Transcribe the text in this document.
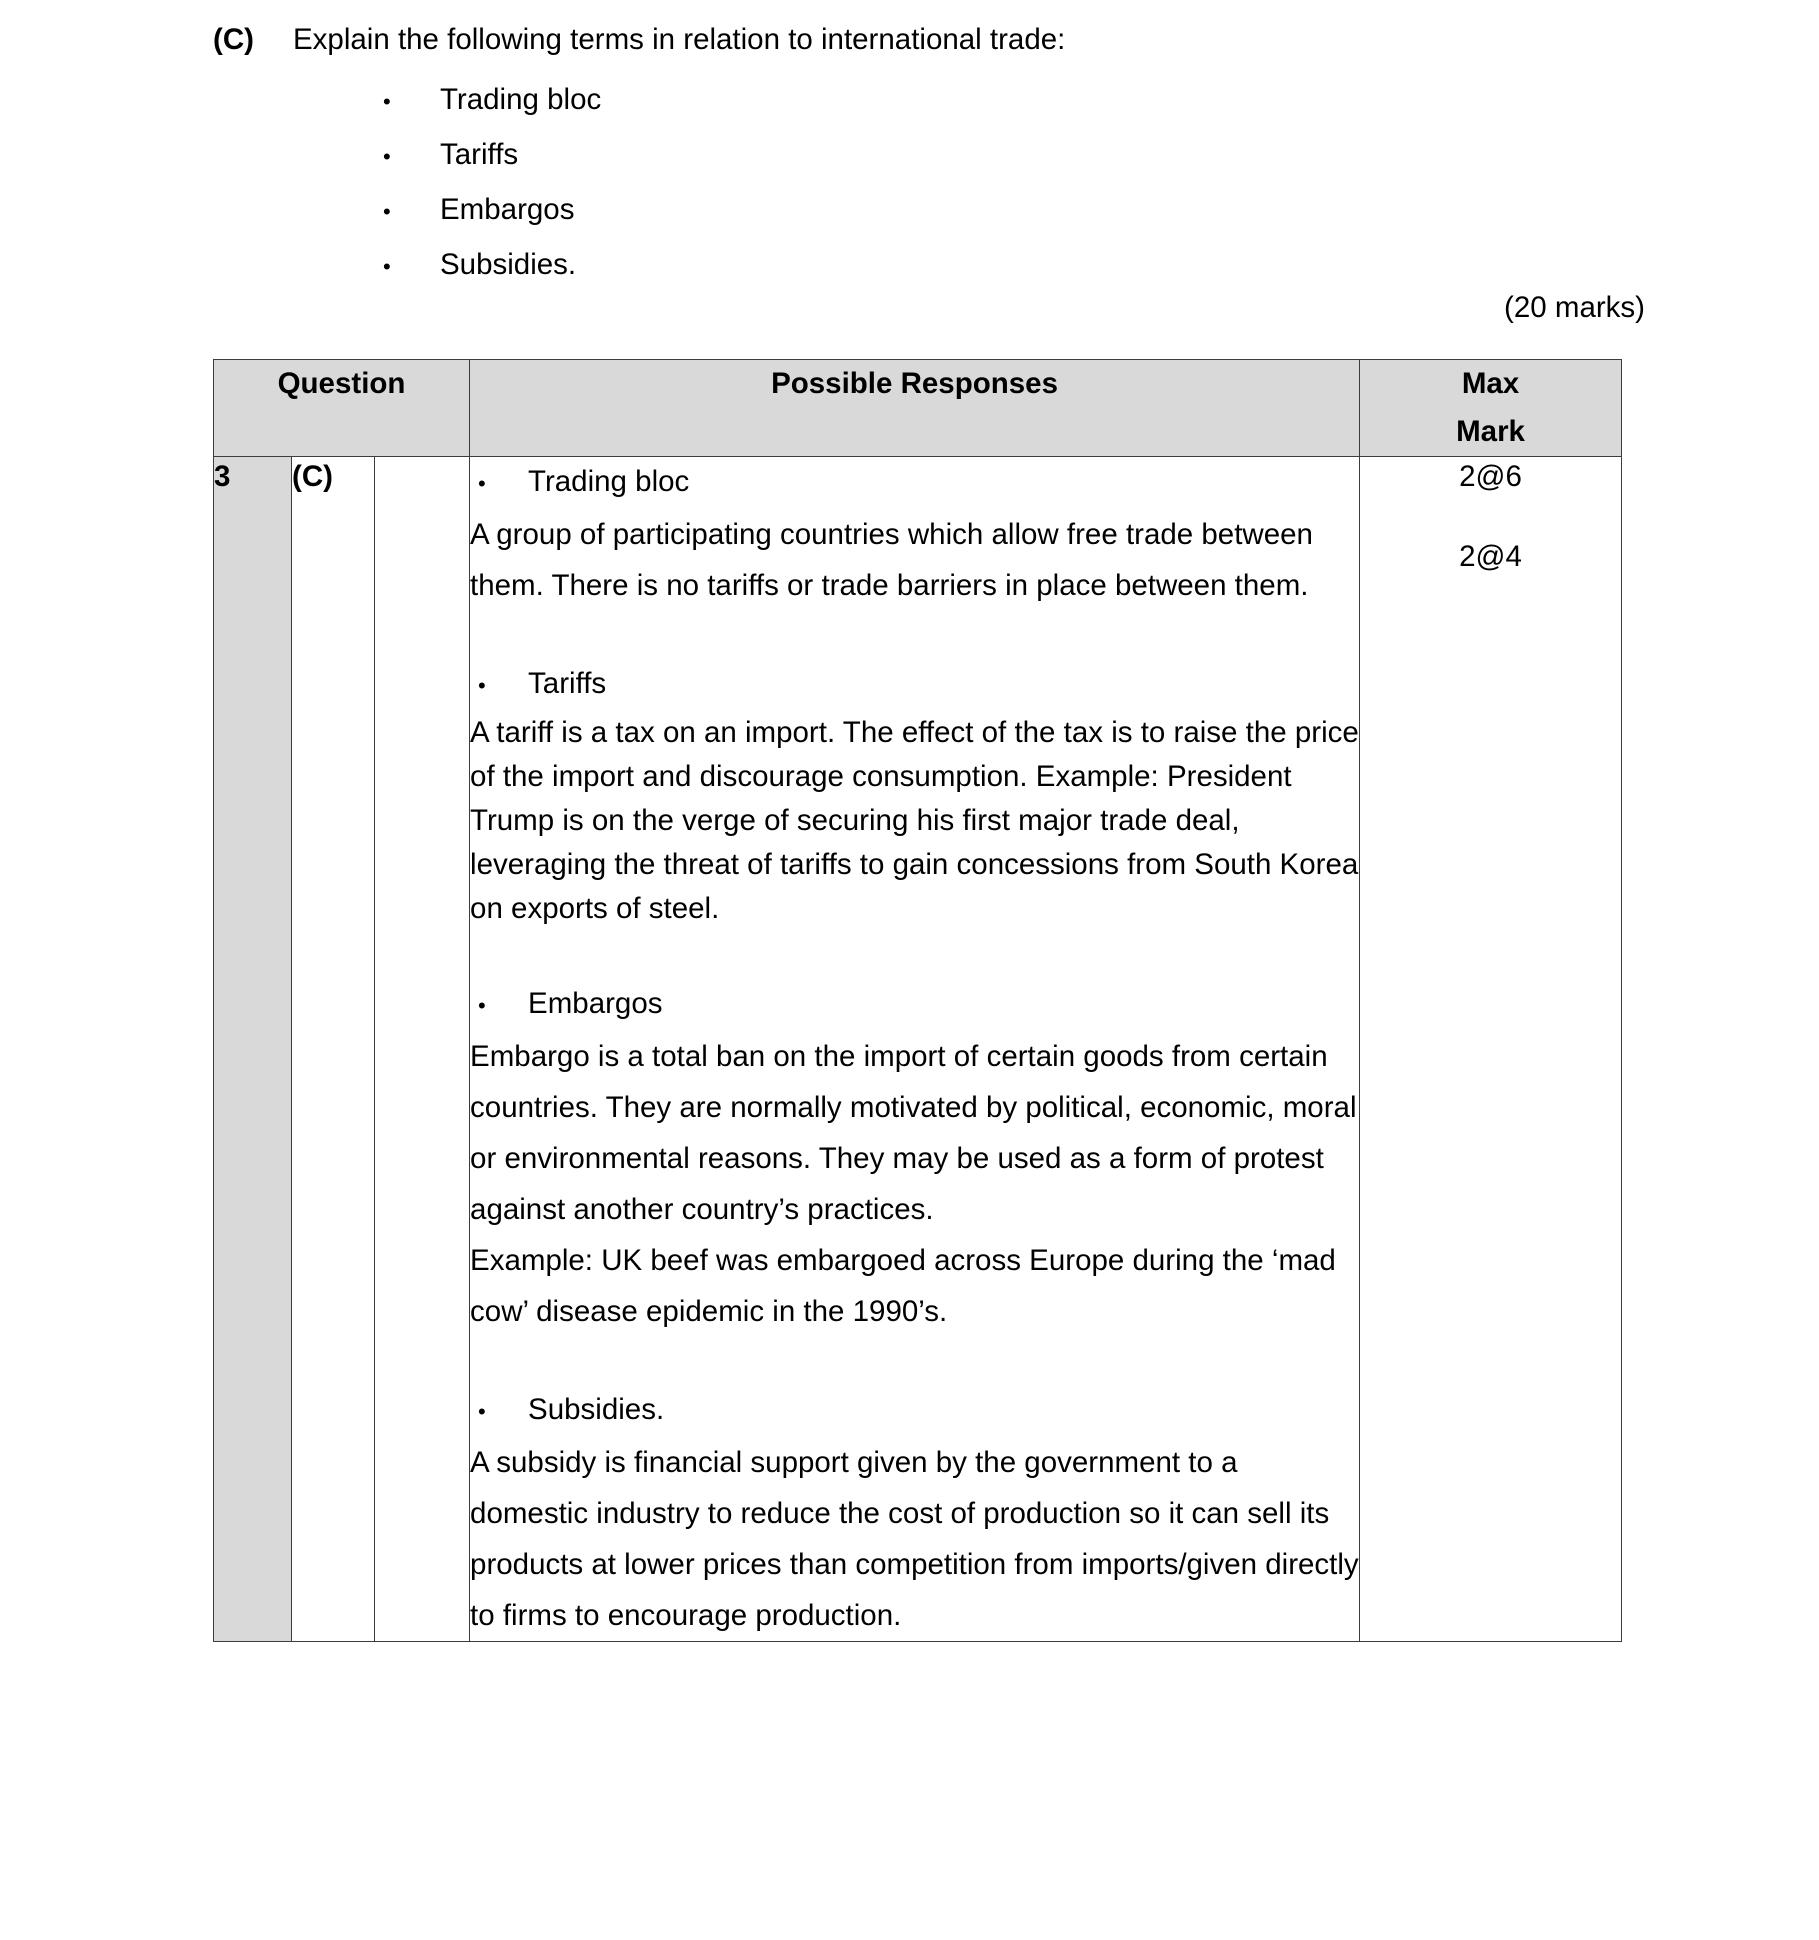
(C)	Explain the following terms in relation to international trade:
•	Trading bloc
•	Tariffs
•	Embargos
•	Subsidies.
(20 marks)
Question			Possible Responses	Max
Mark

3	(C)		•	Trading bloc

A group of participating countries which allow free trade between them. There is no tariffs or trade barriers in place between them.

•	Tariffs

A tariff is a tax on an import. The effect of the tax is to raise the price of the import and discourage consumption. Example: President Trump is on the verge of securing his first major trade deal, leveraging the threat of tariffs to gain concessions from South Korea on exports of steel.

•	Embargos

Embargo is a total ban on the import of certain goods from certain countries. They are normally motivated by political, economic, moral or environmental reasons. They may be used as a form of protest against another country’s practices.

Example: UK beef was embargoed across Europe during the ‘mad cow’ disease epidemic in the 1990’s.

•	Subsidies.

A subsidy is financial support given by the government to a domestic industry to reduce the cost of production so it can sell its products at lower prices than competition from imports/given directly to firms to encourage production.

2@6
2@4
